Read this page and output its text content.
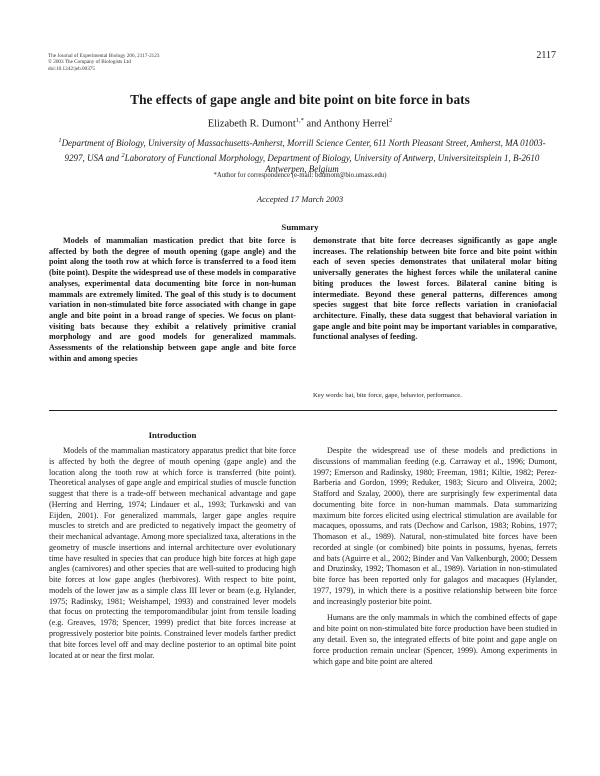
The Journal of Experimental Biology 206, 2117-2123
© 2003 The Company of Biologists Ltd
doi:10.1242/jeb.00375
2117
The effects of gape angle and bite point on bite force in bats
Elizabeth R. Dumont$^{1,*}$ and Anthony Herrel$^2$
$^1$Department of Biology, University of Massachusetts-Amherst, Morrill Science Center, 611 North Pleasant Street, Amherst, MA 01003-9297, USA and $^2$Laboratory of Functional Morphology, Department of Biology, University of Antwerp, Universiteitsplein 1, B-2610 Antwerpen, Belgium
*Author for correspondence (e-mail: bdumont@bio.umass.edu)
Accepted 17 March 2003
Summary
Models of mammalian mastication predict that bite force is affected by both the degree of mouth opening (gape angle) and the point along the tooth row at which force is transferred to a food item (bite point). Despite the widespread use of these models in comparative analyses, experimental data documenting bite force in non-human mammals are extremely limited. The goal of this study is to document variation in non-stimulated bite force associated with change in gape angle and bite point in a broad range of species. We focus on plant-visiting bats because they exhibit a relatively primitive cranial morphology and are good models for generalized mammals. Assessments of the relationship between gape angle and bite force within and among species
demonstrate that bite force decreases significantly as gape angle increases. The relationship between bite force and bite point within each of seven species demonstrates that unilateral molar biting universally generates the highest forces while the unilateral canine biting produces the lowest forces. Bilateral canine biting is intermediate. Beyond these general patterns, differences among species suggest that bite force reflects variation in craniofacial architecture. Finally, these data suggest that behavioral variation in gape angle and bite point may be important variables in comparative, functional analyses of feeding.
Key words: bat, bite force, gape, behavior, performance.
Introduction

Models of the mammalian masticatory apparatus predict that bite force is affected by both the degree of mouth opening (gape angle) and the location along the tooth row at which force is transferred (bite point). Theoretical analyses of gape angle and empirical studies of muscle function suggest that there is a trade-off between mechanical advantage and gape (Herring and Herring, 1974; Lindauer et al., 1993; Turkawski and van Eijden, 2001). For generalized mammals, larger gape angles require muscles to stretch and are predicted to negatively impact the geometry of their mechanical advantage. Among more specialized taxa, alterations in the geometry of muscle insertions and internal architecture over evolutionary time have resulted in species that can produce high bite forces at high gape angles (carnivores) and other species that are well-suited to producing high bite forces at low gape angles (herbivores). With respect to bite point, models of the lower jaw as a simple class III lever or beam (e.g. Hylander, 1975; Radinsky, 1981; Weishampel, 1993) and constrained lever models that focus on protecting the temporomandibular joint from tensile loading (e.g. Greaves, 1978; Spencer, 1999) predict that bite forces increase at progressively posterior bite points. Constrained lever models farther predict that bite forces level off and may decline posterior to an optimal bite point located at or near the first molar.

Despite the widespread use of these models and predictions in discussions of mammalian feeding (e.g. Carraway et al., 1996; Dumont, 1997; Emerson and Radinsky, 1980; Freeman, 1981; Kiltie, 1982; Perez-Barberia and Gordon, 1999; Reduker, 1983; Sicuro and Oliveira, 2002; Stafford and Szalay, 2000), there are surprisingly few experimental data documenting bite force in non-human mammals. Data summarizing maximum bite forces elicited using electrical stimulation are available for macaques, opossums, and rats (Dechow and Carlson, 1983; Robins, 1977; Thomason et al., 1989). Natural, non-stimulated bite forces have been recorded at single (or combined) bite points in possums, hyenas, ferrets and bats (Aguirre et al., 2002; Binder and Van Valkenburgh, 2000; Dessem and Druzinsky, 1992; Thomason et al., 1989). Variation in non-stimulated bite force has been reported only for galagos and macaques (Hylander, 1977, 1979), in which there is a positive relationship between bite force and increasingly posterior bite point.

Humans are the only mammals in which the combined effects of gape and bite point on non-stimulated bite force production have been studied in any detail. Even so, the integrated effects of bite point and gape angle on force production remain unclear (Spencer, 1999). Among experiments in which gape and bite point are altered
